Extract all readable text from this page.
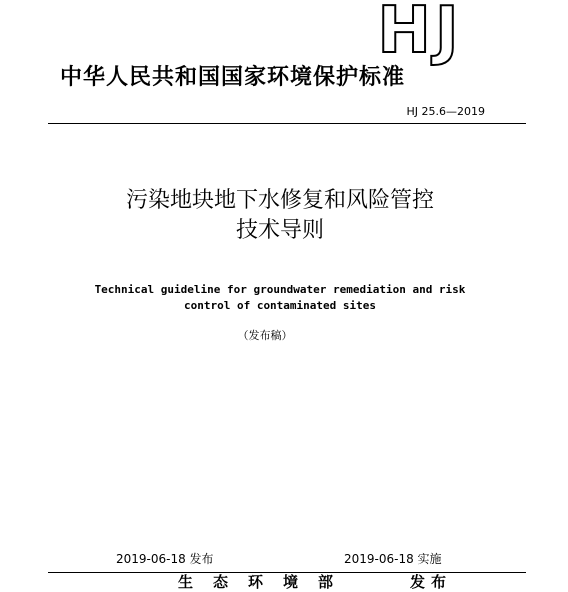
HJ
中华人民共和国国家环境保护标准
HJ 25.6—2019
污染地块地下水修复和风险管控
技术导则
Technical guideline for groundwater remediation and risk
control of contaminated sites
（发布稿）
2019-06-18 发布	2019-06-18 实施
生态环境部	发布
